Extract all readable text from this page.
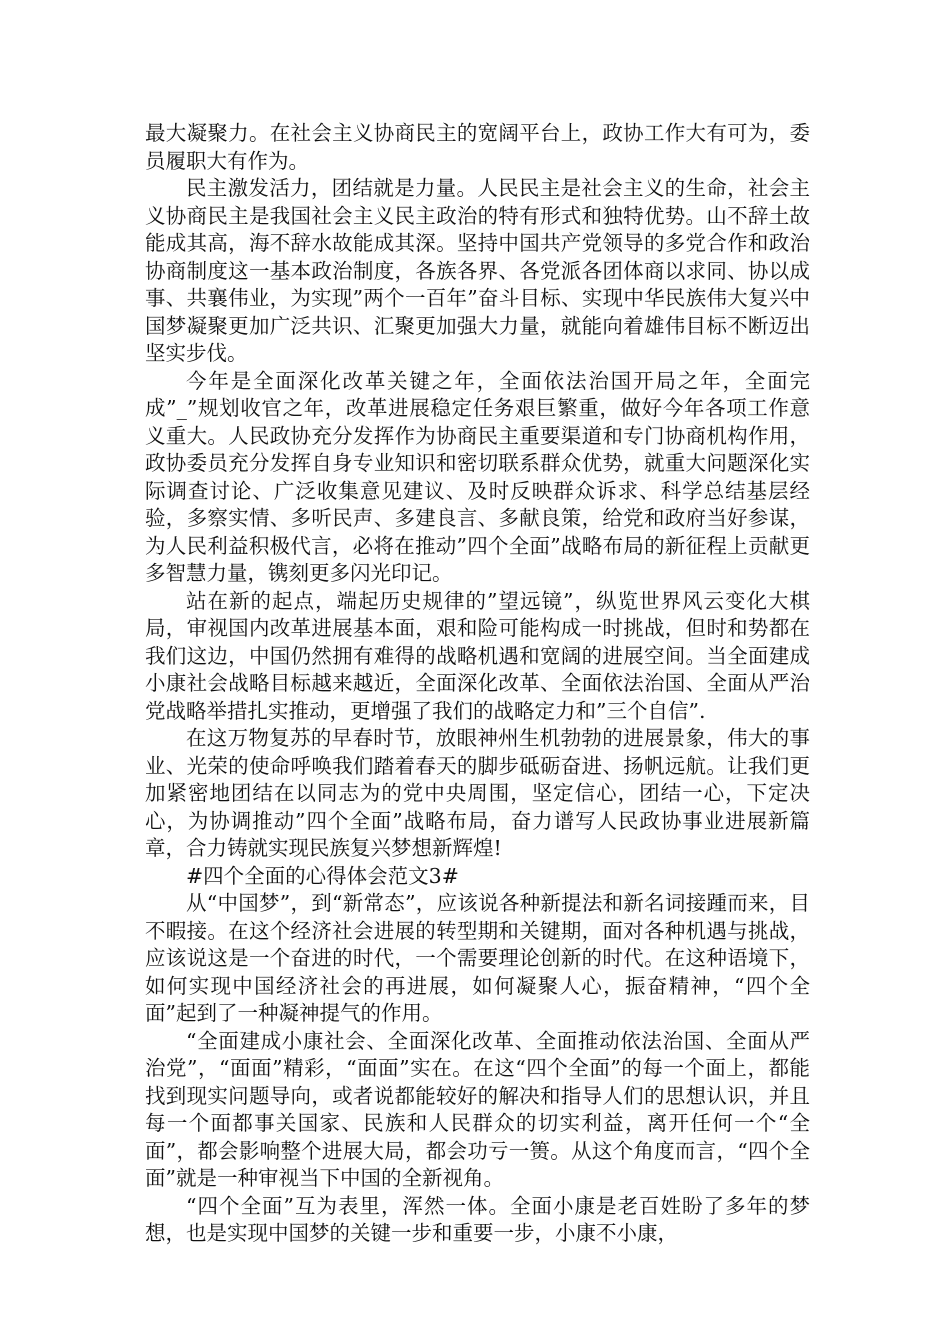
最大凝聚力。在社会主义协商民主的宽阔平台上，政协工作大有可为，委员履职大有作为。

民主激发活力，团结就是力量。人民民主是社会主义的生命，社会主义协商民主是我国社会主义民主政治的特有形式和独特优势。山不辞土故能成其高，海不辞水故能成其深。坚持中国共产党领导的多党合作和政治协商制度这一基本政治制度，各族各界、各党派各团体商以求同、协以成事、共襄伟业，为实现”两个一百年”奋斗目标、实现中华民族伟大复兴中国梦凝聚更加广泛共识、汇聚更加强大力量，就能向着雄伟目标不断迈出坚实步伐。

今年是全面深化改革关键之年，全面依法治国开局之年，全面完成”_”规划收官之年，改革进展稳定任务艰巨繁重，做好今年各项工作意义重大。人民政协充分发挥作为协商民主重要渠道和专门协商机构作用，政协委员充分发挥自身专业知识和密切联系群众优势，就重大问题深化实际调查讨论、广泛收集意见建议、及时反映群众诉求、科学总结基层经验，多察实情、多听民声、多建良言、多献良策，给党和政府当好参谋，为人民利益积极代言，必将在推动”四个全面”战略布局的新征程上贡献更多智慧力量，镌刻更多闪光印记。

站在新的起点，端起历史规律的”望远镜”，纵览世界风云变化大棋局，审视国内改革进展基本面，艰和险可能构成一时挑战，但时和势都在我们这边，中国仍然拥有难得的战略机遇和宽阔的进展空间。当全面建成小康社会战略目标越来越近，全面深化改革、全面依法治国、全面从严治党战略举措扎实推动，更增强了我们的战略定力和”三个自信”.

在这万物复苏的早春时节，放眼神州生机勃勃的进展景象，伟大的事业、光荣的使命呼唤我们踏着春天的脚步砥砺奋进、扬帆远航。让我们更加紧密地团结在以同志为的党中央周围，坚定信心，团结一心，下定决心，为协调推动”四个全面”战略布局，奋力谱写人民政协事业进展新篇章，合力铸就实现民族复兴梦想新辉煌!

#四个全面的心得体会范文3#

从“中国梦”，到“新常态”，应该说各种新提法和新名词接踵而来，目不暇接。在这个经济社会进展的转型期和关键期，面对各种机遇与挑战，应该说这是一个奋进的时代，一个需要理论创新的时代。在这种语境下，如何实现中国经济社会的再进展，如何凝聚人心，振奋精神，“四个全面”起到了一种凝神提气的作用。

“全面建成小康社会、全面深化改革、全面推动依法治国、全面从严治党”，“面面”精彩，“面面”实在。在这“四个全面”的每一个面上，都能找到现实问题导向，或者说都能较好的解决和指导人们的思想认识，并且每一个面都事关国家、民族和人民群众的切实利益，离开任何一个“全面”，都会影响整个进展大局，都会功亏一篑。从这个角度而言，“四个全面”就是一种审视当下中国的全新视角。

“四个全面”互为表里，浑然一体。全面小康是老百姓盼了多年的梦想，也是实现中国梦的关键一步和重要一步，小康不小康，
